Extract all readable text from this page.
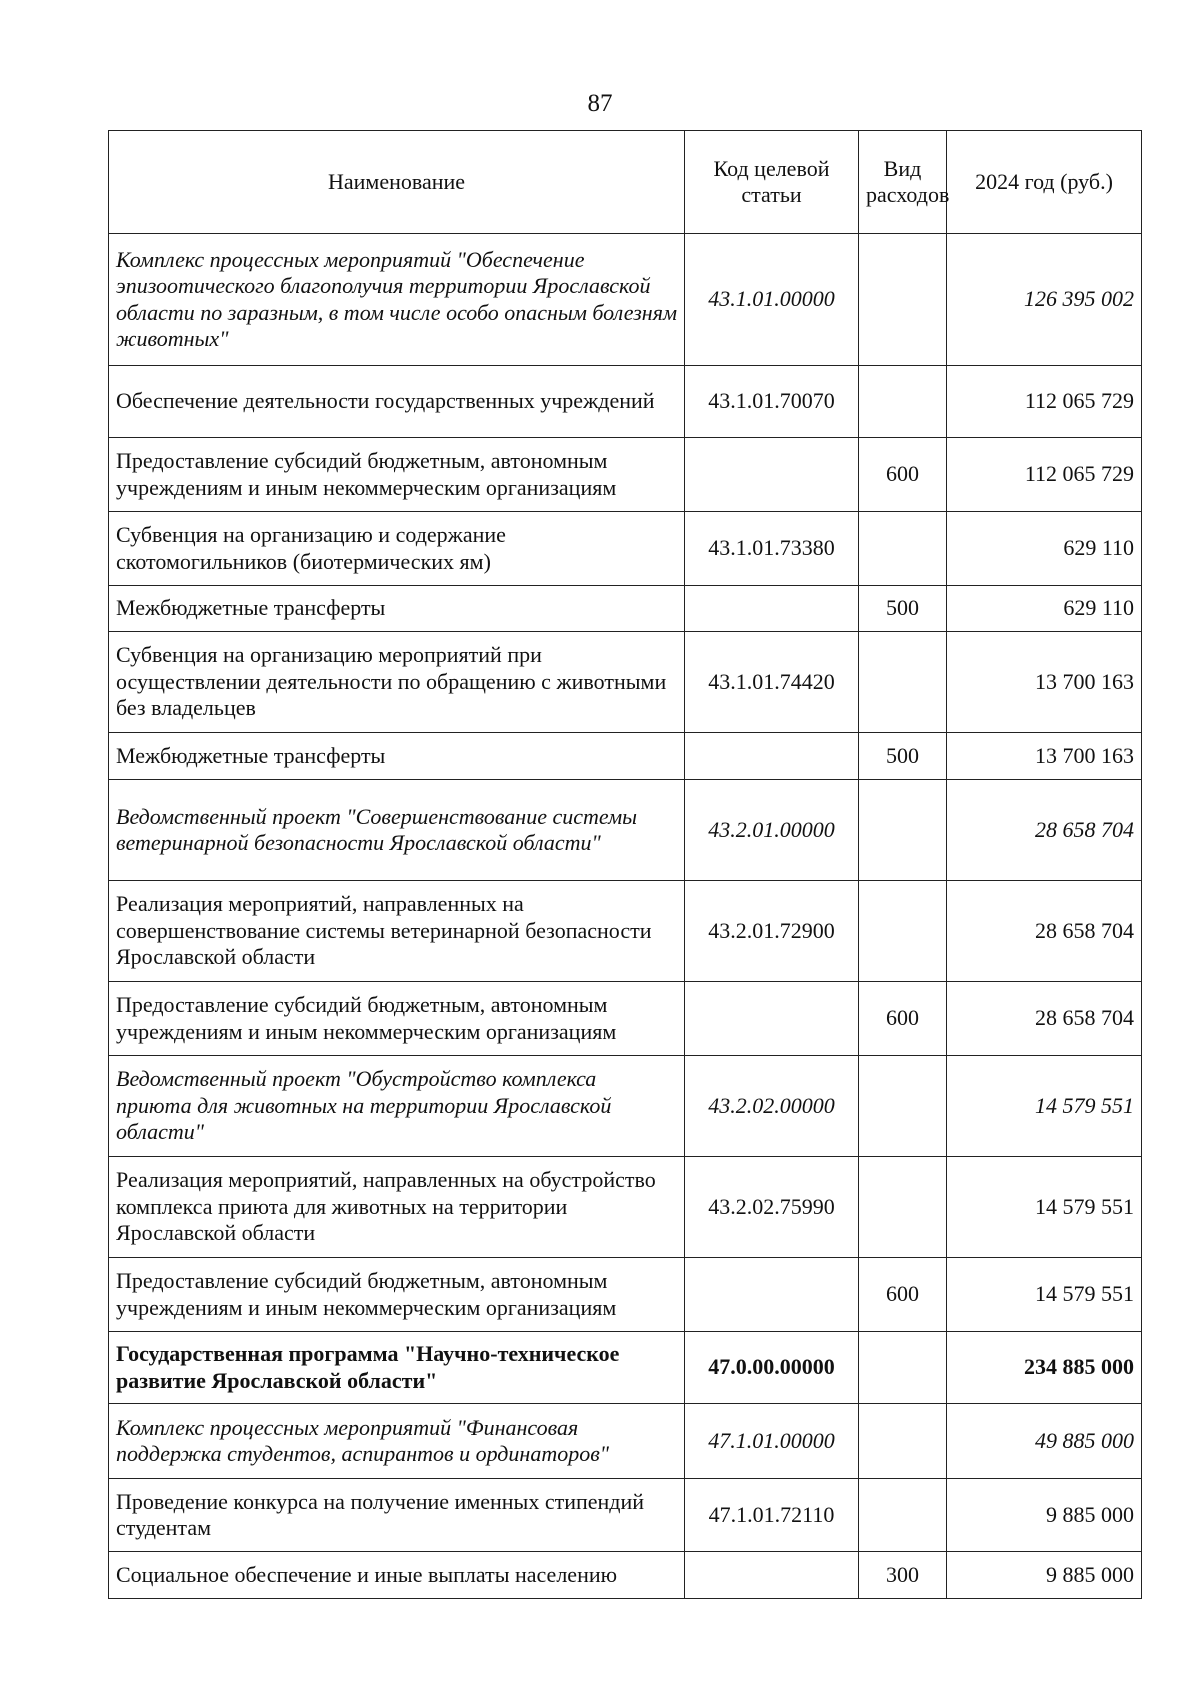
87
Наименование	Код целевой статьи	Вид расходов	2024 год (руб.)
Комплекс процессных мероприятий "Обеспечение эпизоотического благополучия территории Ярославской области по заразным, в том числе особо опасным болезням животных"	43.1.01.00000		126 395 002
Обеспечение деятельности государственных учреждений	43.1.01.70070		112 065 729
Предоставление субсидий бюджетным, автономным учреждениям и иным некоммерческим организациям		600	112 065 729
Субвенция на организацию и содержание скотомогильников (биотермических ям)	43.1.01.73380		629 110
Межбюджетные трансферты		500	629 110
Субвенция на организацию мероприятий при осуществлении деятельности по обращению с животными без владельцев	43.1.01.74420		13 700 163
Межбюджетные трансферты		500	13 700 163
Ведомственный проект "Совершенствование системы ветеринарной безопасности Ярославской области"	43.2.01.00000		28 658 704
Реализация мероприятий, направленных на совершенствование системы ветеринарной безопасности Ярославской области	43.2.01.72900		28 658 704
Предоставление субсидий бюджетным, автономным учреждениям и иным некоммерческим организациям		600	28 658 704
Ведомственный проект "Обустройство комплекса приюта для животных на территории Ярославской области"	43.2.02.00000		14 579 551
Реализация мероприятий, направленных на обустройство комплекса приюта для животных на территории Ярославской области	43.2.02.75990		14 579 551
Предоставление субсидий бюджетным, автономным учреждениям и иным некоммерческим организациям		600	14 579 551
Государственная программа "Научно-техническое развитие Ярославской области"	47.0.00.00000		234 885 000
Комплекс процессных мероприятий "Финансовая поддержка студентов, аспирантов и ординаторов"	47.1.01.00000		49 885 000
Проведение конкурса на получение именных стипендий студентам	47.1.01.72110		9 885 000
Социальное обеспечение и иные выплаты населению		300	9 885 000
